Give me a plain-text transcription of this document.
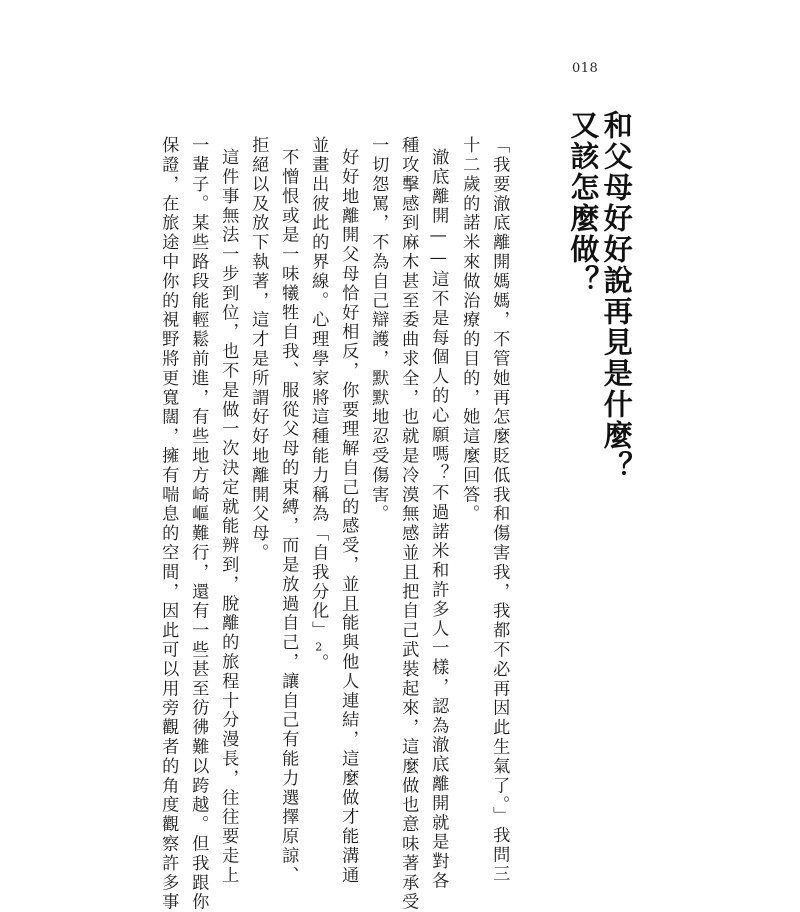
018
和父母好好說再見是什麼？
又該怎麼做？
「我要澈底離開媽媽，不管她再怎麼貶低我和傷害我，我都不必再因此生氣了。」我問三
十二歲的諾米來做治療的目的，她這麼回答。
澈底離開——這不是每個人的心願嗎？不過諾米和許多人一樣，認為澈底離開就是對各
種攻擊感到麻木甚至委曲求全，也就是冷漠無感並且把自己武裝起來，這麼做也意味著承受
一切怨罵，不為自己辯護，默默地忍受傷害。
好好地離開父母恰好相反，你要理解自己的感受，並且能與他人連結，這麼做才能溝通
並畫出彼此的界線。心理學家將這種能力稱為「自我分化」2。
不憎恨或是一味犧牲自我、服從父母的束縛，而是放過自己，讓自己有能力選擇原諒、
拒絕以及放下執著，這才是所謂好好地離開父母。
這件事無法一步到位，也不是做一次決定就能辨到，脫離的旅程十分漫長，往往要走上
一輩子。某些路段能輕鬆前進，有些地方崎嶇難行，還有一些甚至彷彿難以跨越。但我跟你
保證，在旅途中你的視野將更寬闊，擁有喘息的空間，因此可以用旁觀者的角度觀察許多事
